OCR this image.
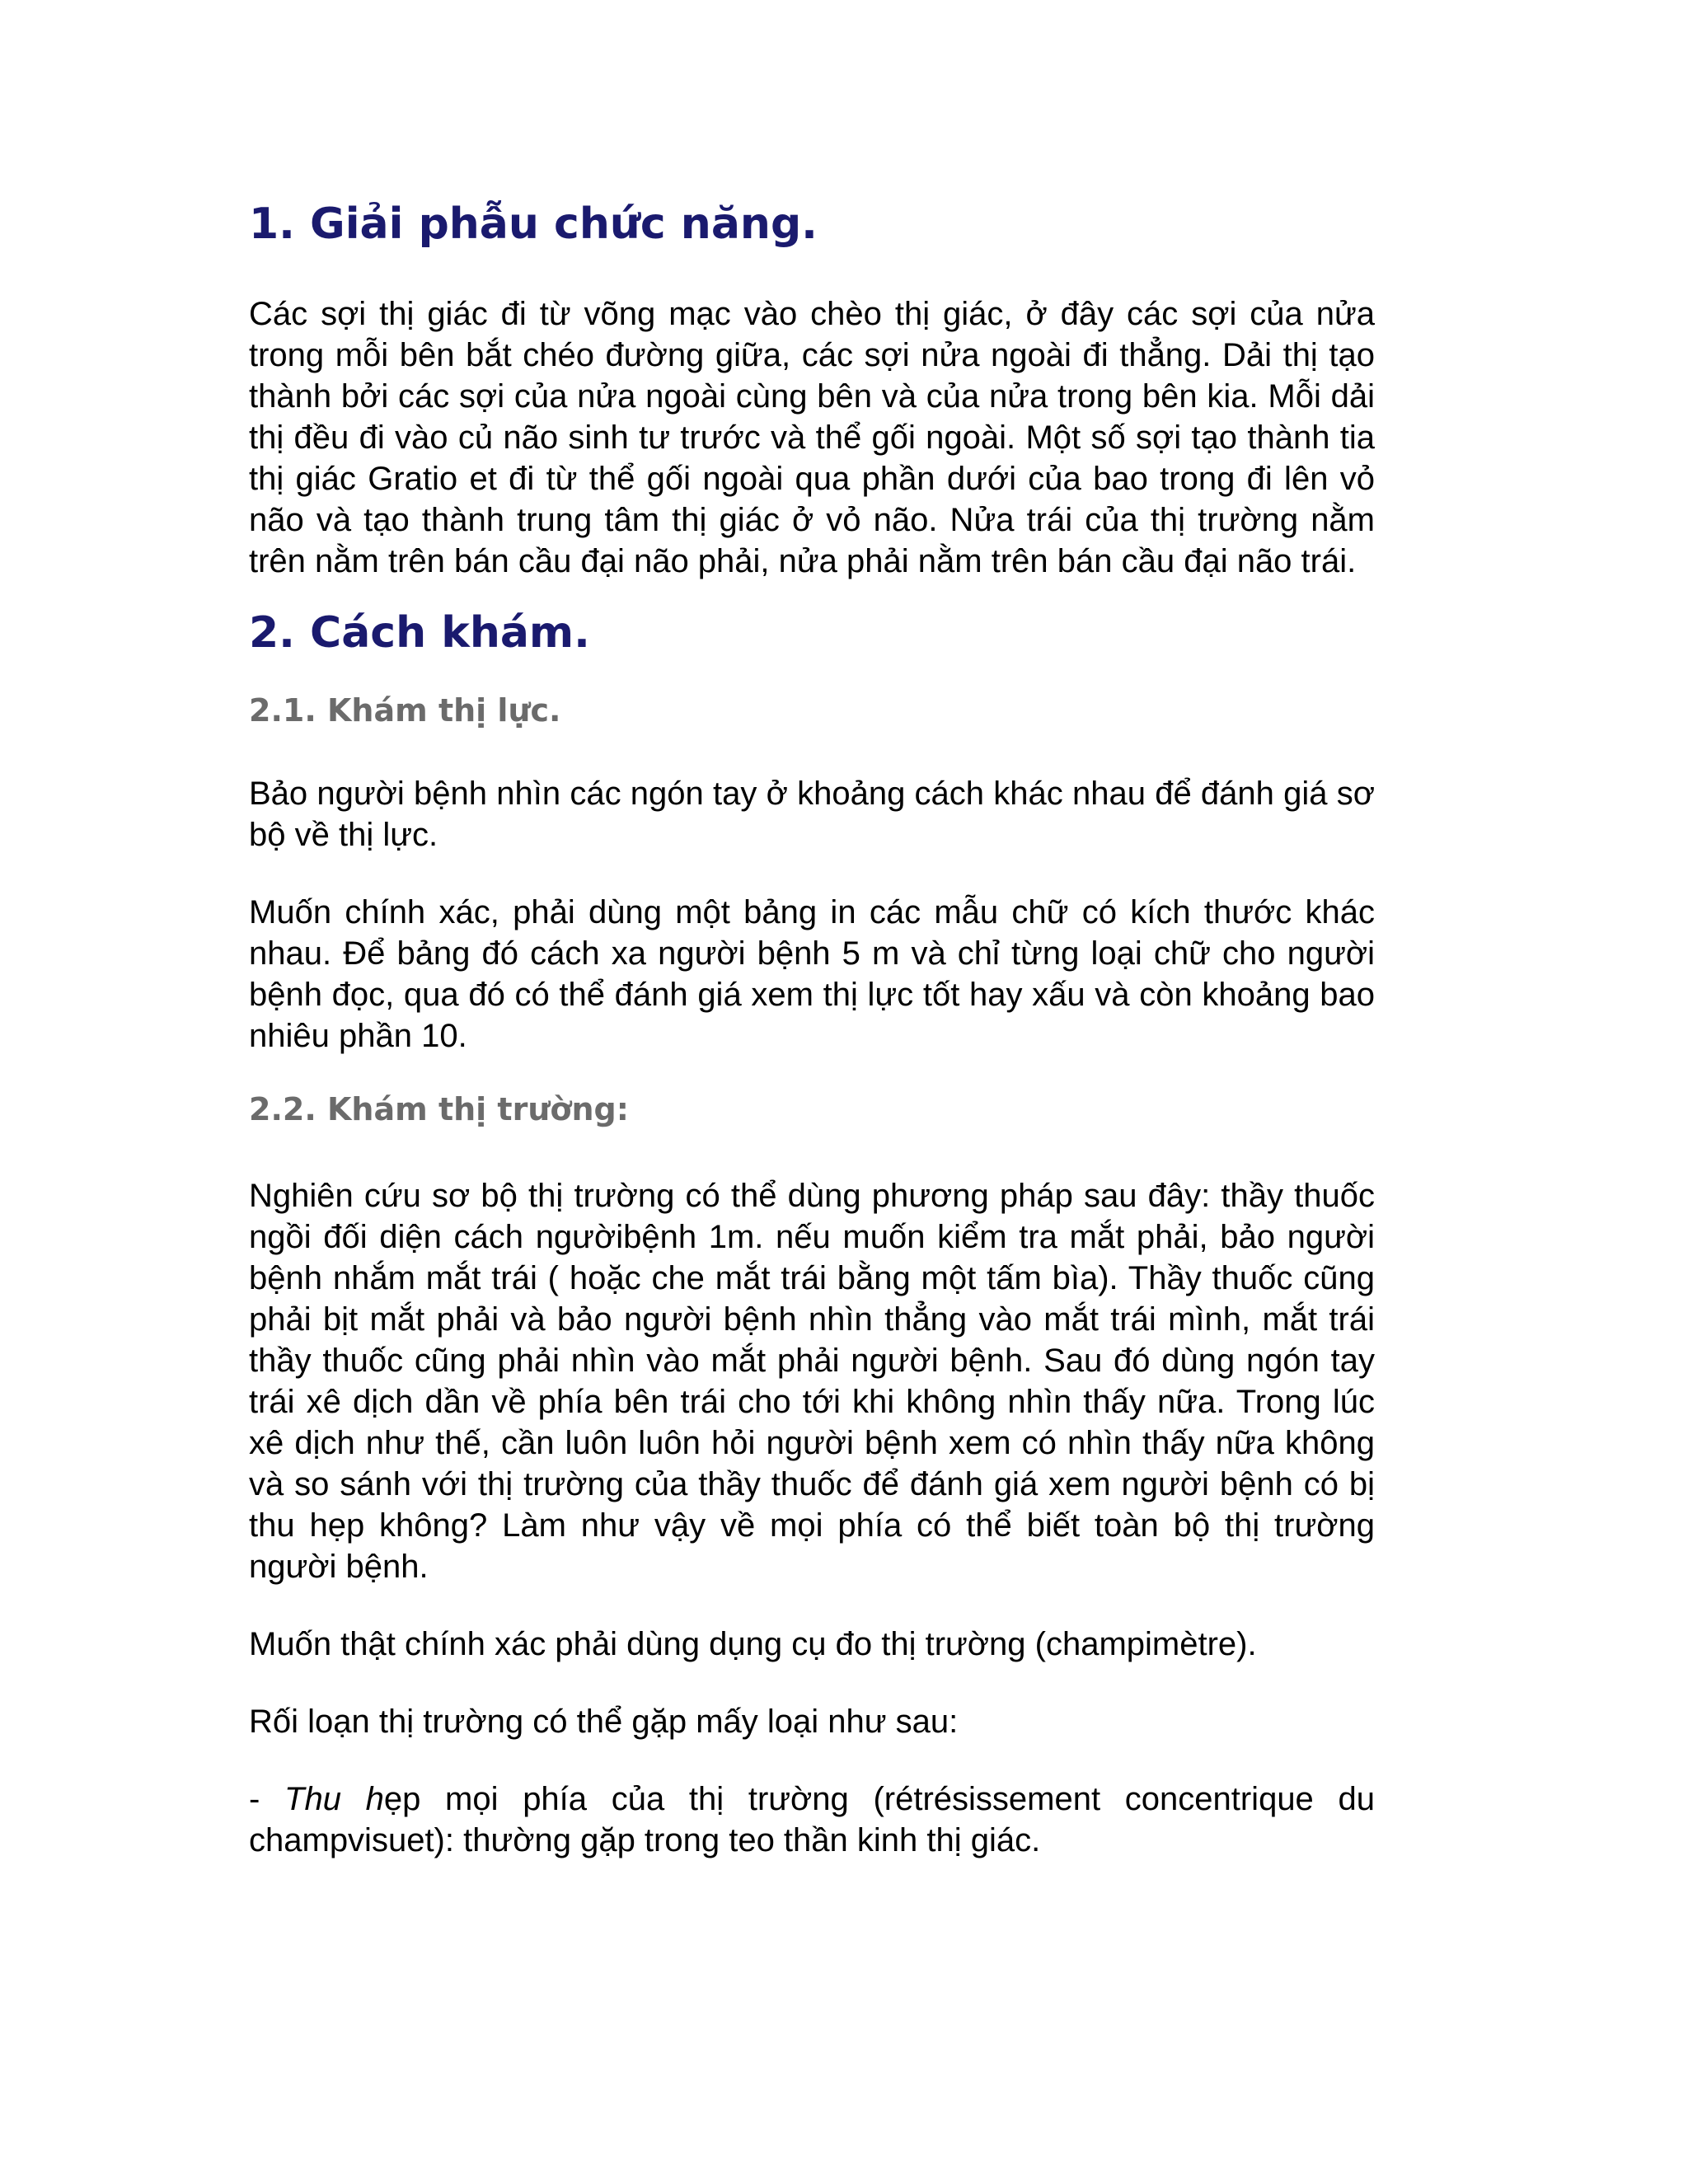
1. Giải phẫu chức năng.

Các sợi thị giác đi từ võng mạc vào chèo thị giác, ở đây các sợi của nửa trong mỗi bên bắt chéo đường giữa, các sợi nửa ngoài đi thẳng. Dải thị tạo thành bởi các sợi của nửa ngoài cùng bên và của nửa trong bên kia. Mỗi dải thị đều đi vào củ não sinh tư trước và thể gối ngoài. Một số sợi tạo thành tia thị giác Gratio et đi từ thể gối ngoài qua phần dưới của bao trong đi lên vỏ não và tạo thành trung tâm thị giác ở vỏ não. Nửa trái của thị trường nằm trên nằm trên bán cầu đại não phải, nửa phải nằm trên bán cầu đại não trái.

2. Cách khám.
2.1. Khám thị lực.

Bảo người bệnh nhìn các ngón tay ở khoảng cách khác nhau để đánh giá sơ bộ về thị lực.

Muốn chính xác, phải dùng một bảng in các mẫu chữ có kích thước khác nhau. Để bảng đó cách xa người bệnh 5 m và chỉ từng loại chữ cho người bệnh đọc, qua đó có thể đánh giá xem thị lực tốt hay xấu và còn khoảng bao nhiêu phần 10.

2.2. Khám thị trường:

Nghiên cứu sơ bộ thị trường có thể dùng phương pháp sau đây: thầy thuốc ngồi đối diện cách ngườibệnh 1m. nếu muốn kiểm tra mắt phải, bảo người bệnh nhắm mắt trái ( hoặc che mắt trái bằng một tấm bìa). Thầy thuốc cũng phải bịt mắt phải và bảo người bệnh nhìn thẳng vào mắt trái mình, mắt trái thầy thuốc cũng phải nhìn vào mắt phải người bệnh. Sau đó dùng ngón tay trái xê dịch dần về phía bên trái cho tới khi không nhìn thấy nữa. Trong lúc xê dịch như thế, cần luôn luôn hỏi người bệnh xem có nhìn thấy nữa không và so sánh với thị trường của thầy thuốc để đánh giá xem người bệnh có bị thu hẹp không? Làm như vậy về mọi phía có thể biết toàn bộ thị trường người bệnh.

Muốn thật chính xác phải dùng dụng cụ đo thị trường (champimètre).

Rối loạn thị trường có thể gặp mấy loại như sau:

- Thu hẹp mọi phía của thị trường (rétrésissement concentrique du champvisuet): thường gặp trong teo thần kinh thị giác.
